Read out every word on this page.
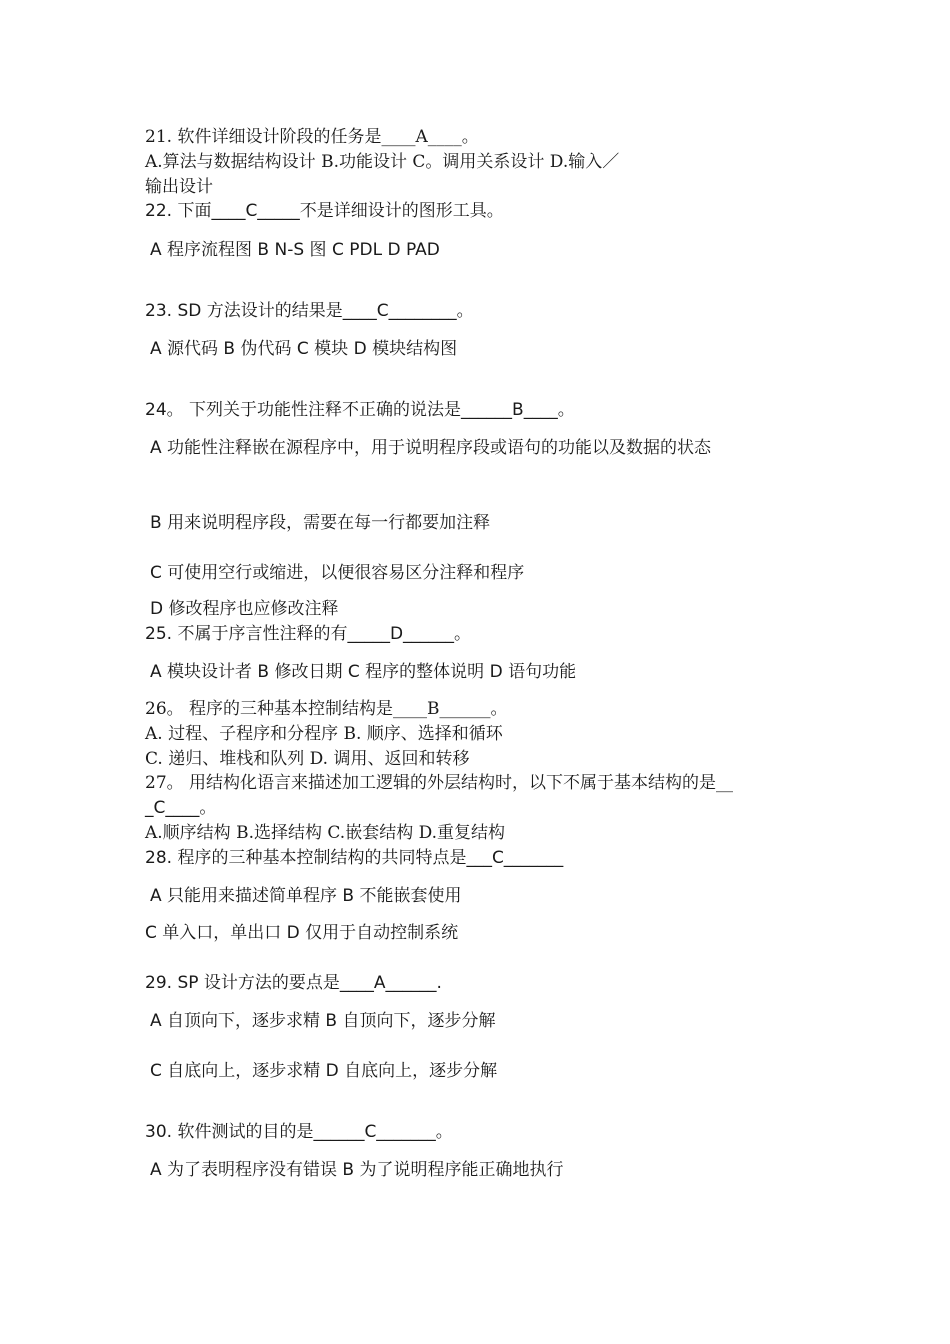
21. 软件详细设计阶段的任务是____A____。

A.算法与数据结构设计 B.功能设计 C。调用关系设计 D.输入／

输出设计

22. 下面____C_____不是详细设计的图形工具。

A 程序流程图 B N-S 图 C PDL D PAD

23. SD 方法设计的结果是____C________。

A 源代码 B 伪代码 C 模块 D 模块结构图

24。 下列关于功能性注释不正确的说法是______B____。

A 功能性注释嵌在源程序中，用于说明程序段或语句的功能以及数据的状态

B 用来说明程序段，需要在每一行都要加注释

C 可使用空行或缩进，以便很容易区分注释和程序

D 修改程序也应修改注释

25. 不属于序言性注释的有_____D______。

A 模块设计者 B 修改日期 C 程序的整体说明 D 语句功能

26。 程序的三种基本控制结构是____B______。

A. 过程、子程序和分程序 B. 顺序、选择和循环

C. 递归、堆栈和队列 D. 调用、返回和转移

27。 用结构化语言来描述加工逻辑的外层结构时，以下不属于基本结构的是__

_C____。

A.顺序结构 B.选择结构 C.嵌套结构 D.重复结构

28. 程序的三种基本控制结构的共同特点是___C_______

A 只能用来描述简单程序 B 不能嵌套使用

C 单入口，单出口 D 仅用于自动控制系统

29. SP 设计方法的要点是____A______.

A 自顶向下，逐步求精 B 自顶向下，逐步分解

C 自底向上，逐步求精 D 自底向上，逐步分解

30. 软件测试的目的是______C_______。

A 为了表明程序没有错误 B 为了说明程序能正确地执行
